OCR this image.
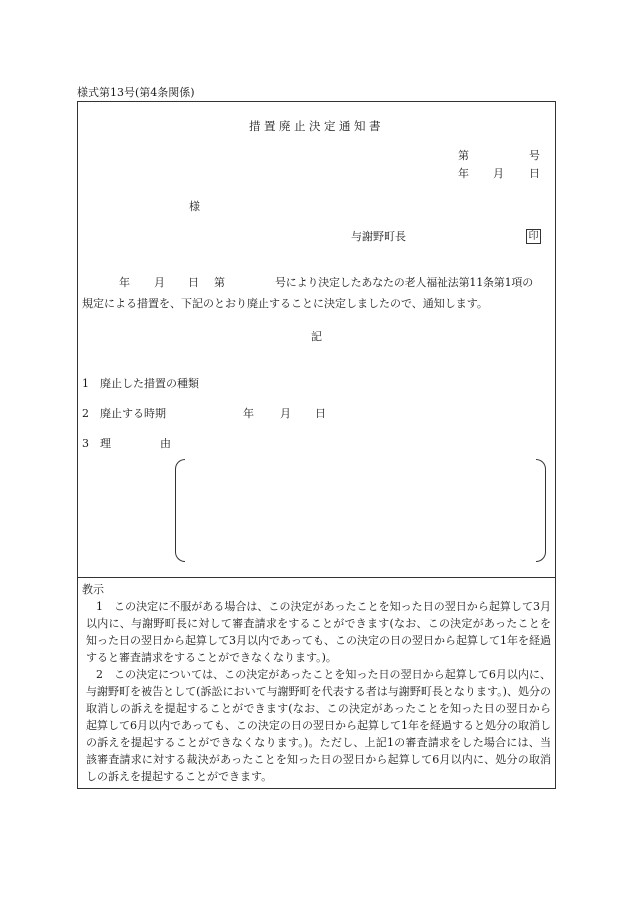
様式第13号(第4条関係)
措置廃止決定通知書
第	号
年 月 日
様
与謝野町長	印
年 月 日 第	号により決定したあなたの老人福祉法第11条第1項の
規定による措置を、下記のとおり廃止することに決定しましたので、通知します。
記
1 廃止した措置の種類
2 廃止する時期	年 月 日
3 理	由
教示
1　この決定に不服がある場合は、この決定があったことを知った日の翌日から起算して3月以内に、与謝野町長に対して審査請求をすることができます(なお、この決定があったことを知った日の翌日から起算して3月以内であっても、この決定の日の翌日から起算して1年を経過すると審査請求をすることができなくなります。)。
2　この決定については、この決定があったことを知った日の翌日から起算して6月以内に、与謝野町を被告として(訴訟において与謝野町を代表する者は与謝野町長となります。)、処分の取消しの訴えを提起することができます(なお、この決定があったことを知った日の翌日から起算して6月以内であっても、この決定の日の翌日から起算して1年を経過すると処分の取消しの訴えを提起することができなくなります。)。ただし、上記1の審査請求をした場合には、当該審査請求に対する裁決があったことを知った日の翌日から起算して6月以内に、処分の取消しの訴えを提起することができます。
